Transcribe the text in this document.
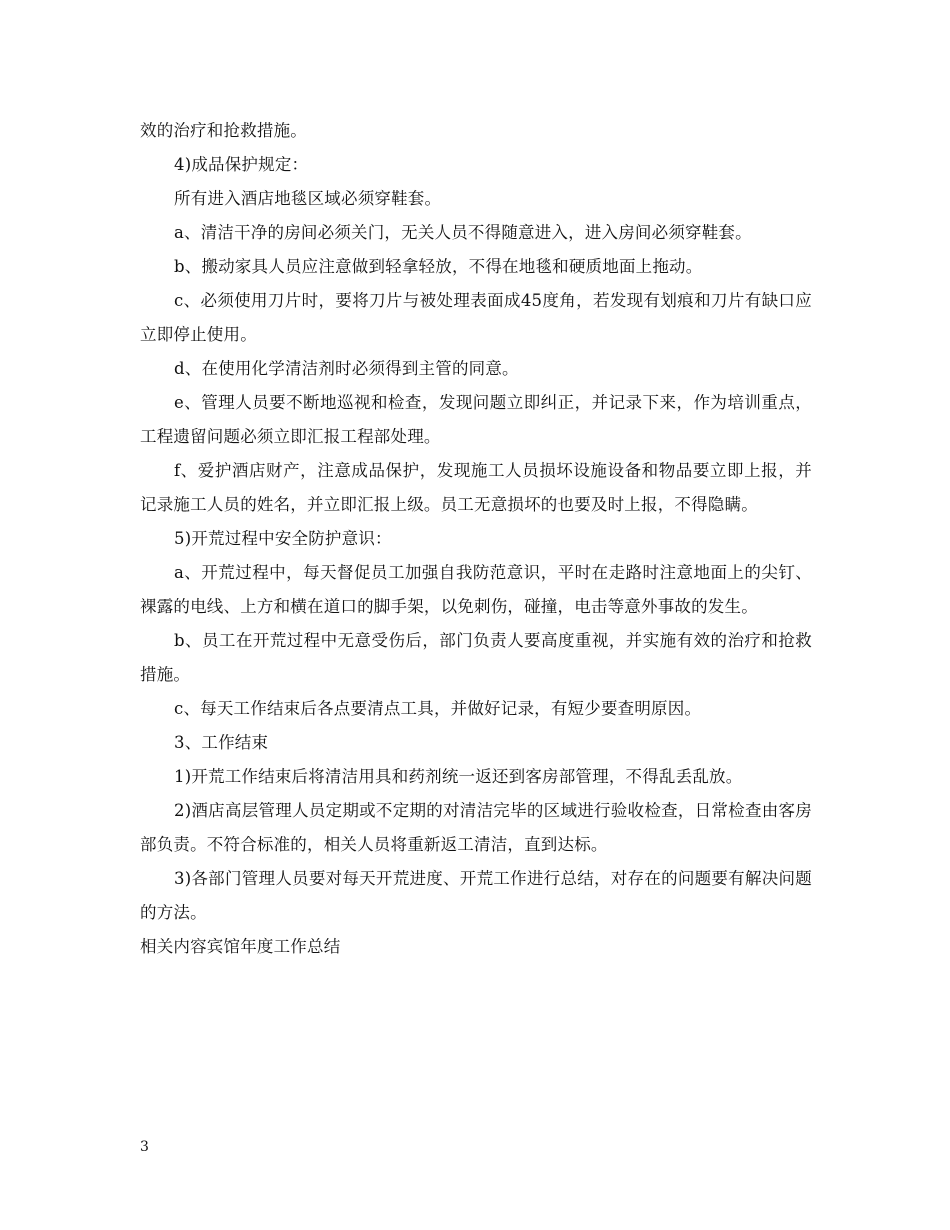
效的治疗和抢救措施。

4)成品保护规定：

所有进入酒店地毯区域必须穿鞋套。

a、清洁干净的房间必须关门，无关人员不得随意进入，进入房间必须穿鞋套。

b、搬动家具人员应注意做到轻拿轻放，不得在地毯和硬质地面上拖动。

c、必须使用刀片时，要将刀片与被处理表面成45度角，若发现有划痕和刀片有缺口应立即停止使用。

d、在使用化学清洁剂时必须得到主管的同意。

e、管理人员要不断地巡视和检查，发现问题立即纠正，并记录下来，作为培训重点，工程遗留问题必须立即汇报工程部处理。

f、爱护酒店财产，注意成品保护，发现施工人员损坏设施设备和物品要立即上报，并记录施工人员的姓名，并立即汇报上级。员工无意损坏的也要及时上报，不得隐瞒。

5)开荒过程中安全防护意识：

a、开荒过程中，每天督促员工加强自我防范意识，平时在走路时注意地面上的尖钉、裸露的电线、上方和横在道口的脚手架，以免刺伤，碰撞，电击等意外事故的发生。

b、员工在开荒过程中无意受伤后，部门负责人要高度重视，并实施有效的治疗和抢救措施。

c、每天工作结束后各点要清点工具，并做好记录，有短少要查明原因。

3、工作结束

1)开荒工作结束后将清洁用具和药剂统一返还到客房部管理，不得乱丢乱放。

2)酒店高层管理人员定期或不定期的对清洁完毕的区域进行验收检查，日常检查由客房部负责。不符合标准的，相关人员将重新返工清洁，直到达标。

3)各部门管理人员要对每天开荒进度、开荒工作进行总结，对存在的问题要有解决问题的方法。

相关内容宾馆年度工作总结

3
